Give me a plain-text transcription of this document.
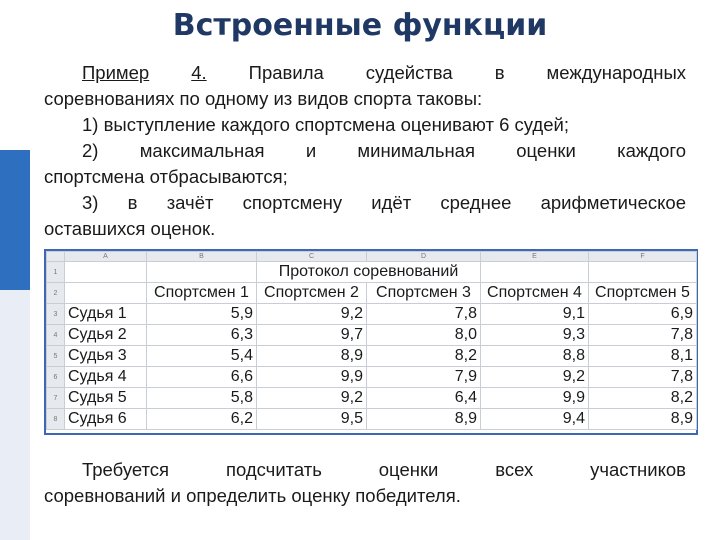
Встроенные функции
Пример 4. Правила судейства в международных
соревнованиях по одному из видов спорта таковы:
1) выступление каждого спортсмена оценивают 6 судей;
2) максимальная и минимальная оценки каждого
спортсмена отбрасываются;
3) в зачёт спортсмену идёт среднее арифметическое
оставшихся оценок.
	A	B	C	D	E	F
1			Протокол соревнований			
2		Спортсмен 1	Спортсмен 2	Спортсмен 3	Спортсмен 4	Спортсмен 5
3	Судья 1	5,9	9,2	7,8	9,1	6,9
4	Судья 2	6,3	9,7	8,0	9,3	7,8
5	Судья 3	5,4	8,9	8,2	8,8	8,1
6	Судья 4	6,6	9,9	7,9	9,2	7,8
7	Судья 5	5,8	9,2	6,4	9,9	8,2
8	Судья 6	6,2	9,5	8,9	9,4	8,9
Требуется подсчитать оценки всех участников
соревнований и определить оценку победителя.
